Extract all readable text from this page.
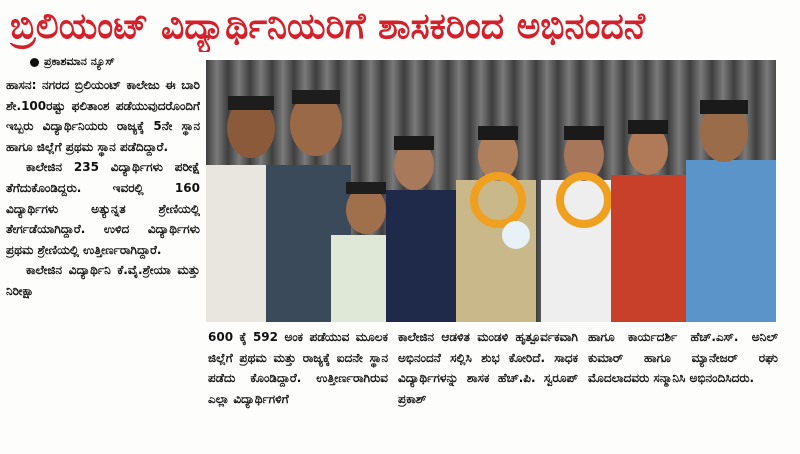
ಬ್ರಿಲಿಯಂಟ್ ವಿದ್ಯಾರ್ಥಿನಿಯರಿಗೆ ಶಾಸಕರಿಂದ ಅಭಿನಂದನೆ
ಪ್ರಕಾಶಮಾನ ನ್ಯೂಸ್

ಹಾಸನ: ನಗರದ ಬ್ರಿಲಿಯಂಟ್ ಕಾಲೇಜು ಈ ಬಾರಿ ಶೇ.100ರಷ್ಟು ಫಲಿತಾಂಶ ಪಡೆಯುವುದರೊಂದಿಗೆ ಇಬ್ಬರು ವಿದ್ಯಾರ್ಥಿನಿಯರು ರಾಜ್ಯಕ್ಕೆ 5ನೇ ಸ್ಥಾನ ಹಾಗೂ ಜಿಲ್ಲೆಗೆ ಪ್ರಥಮ ಸ್ಥಾನ ಪಡೆದಿದ್ದಾರೆ.

ಕಾಲೇಜಿನ 235 ವಿದ್ಯಾರ್ಥಿಗಳು ಪರೀಕ್ಷೆ ತೆಗೆದುಕೊಂಡಿದ್ದರು. ಇವರಲ್ಲಿ 160 ವಿದ್ಯಾರ್ಥಿಗಳು ಅತ್ಯುನ್ನತ ಶ್ರೇಣಿಯಲ್ಲಿ ತೇರ್ಗಡೆಯಾಗಿದ್ದಾರೆ. ಉಳಿದ ವಿದ್ಯಾರ್ಥಿಗಳು ಪ್ರಥಮ ಶ್ರೇಣಿಯಲ್ಲಿ ಉತ್ತೀರ್ಣರಾಗಿದ್ದಾರೆ.

ಕಾಲೇಜಿನ ವಿದ್ಯಾರ್ಥಿನಿ ಕೆ.ವೈ.ಶ್ರೇಯಾ ಮತ್ತು ನಿರೀಕ್ಷಾ

600 ಕ್ಕೆ 592 ಅಂಕ ಪಡೆಯುವ ಮೂಲಕ ಜಿಲ್ಲೆಗೆ ಪ್ರಥಮ ಮತ್ತು ರಾಜ್ಯಕ್ಕೆ ಐದನೇ ಸ್ಥಾನ ಪಡೆದು ಕೊಂಡಿದ್ದಾರೆ. ಉತ್ತೀರ್ಣರಾಗಿರುವ ಎಲ್ಲಾ ವಿದ್ಯಾರ್ಥಿಗಳಿಗೆ

ಕಾಲೇಜಿನ ಆಡಳಿತ ಮಂಡಳಿ ಹೃತ್ಪೂರ್ವಕವಾಗಿ ಅಭಿನಂದನೆ ಸಲ್ಲಿಸಿ ಶುಭ ಕೋರಿದೆ. ಸಾಧಕ ವಿದ್ಯಾರ್ಥಿಗಳನ್ನು ಶಾಸಕ ಹೆಚ್.ಪಿ. ಸ್ವರೂಪ್ ಪ್ರಕಾಶ್

ಹಾಗೂ ಕಾರ್ಯದರ್ಶಿ ಹೆಚ್.ಎಸ್. ಅನಿಲ್ ಕುಮಾರ್ ಹಾಗೂ ಮ್ಯಾನೇಜರ್ ರಘು ಮೊದಲಾದವರು ಸನ್ಮಾನಿಸಿ ಅಭಿನಂದಿಸಿದರು.
